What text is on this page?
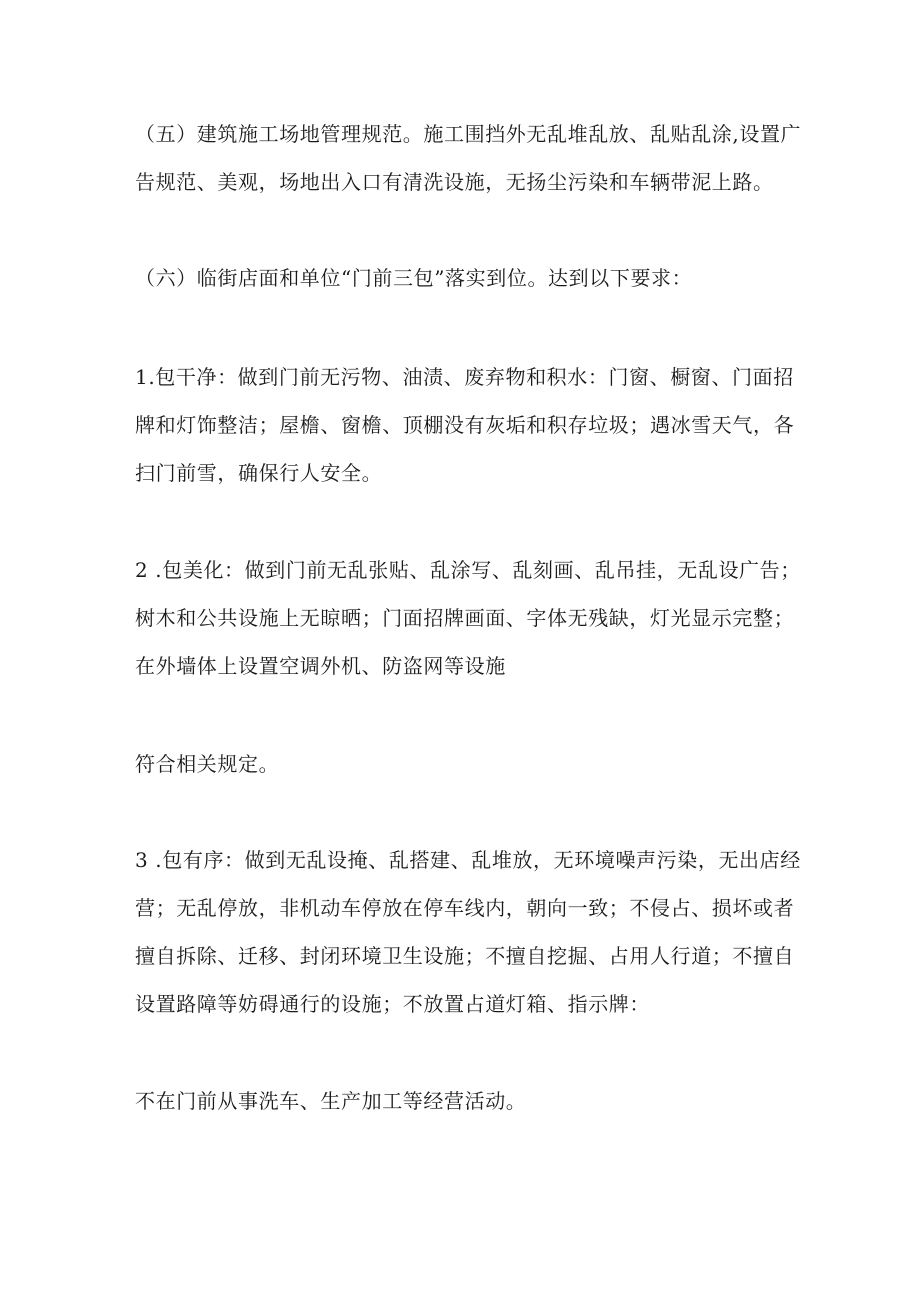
（五）建筑施工场地管理规范。施工围挡外无乱堆乱放、乱贴乱涂,设置广
告规范、美观，场地出入口有清洗设施，无扬尘污染和车辆带泥上路。

（六）临街店面和单位“门前三包”落实到位。达到以下要求：

1.包干净：做到门前无污物、油渍、废弃物和积水：门窗、橱窗、门面招
牌和灯饰整洁；屋檐、窗檐、顶棚没有灰垢和积存垃圾；遇冰雪天气，各
扫门前雪，确保行人安全。

2 .包美化：做到门前无乱张贴、乱涂写、乱刻画、乱吊挂，无乱设广告；
树木和公共设施上无晾晒；门面招牌画面、字体无残缺，灯光显示完整；
在外墙体上设置空调外机、防盗网等设施

符合相关规定。

3 .包有序：做到无乱设掩、乱搭建、乱堆放，无环境噪声污染，无出店经
营；无乱停放，非机动车停放在停车线内，朝向一致；不侵占、损坏或者
擅自拆除、迁移、封闭环境卫生设施；不擅自挖掘、占用人行道；不擅自
设置路障等妨碍通行的设施；不放置占道灯箱、指示牌：

不在门前从事洗车、生产加工等经营活动。
